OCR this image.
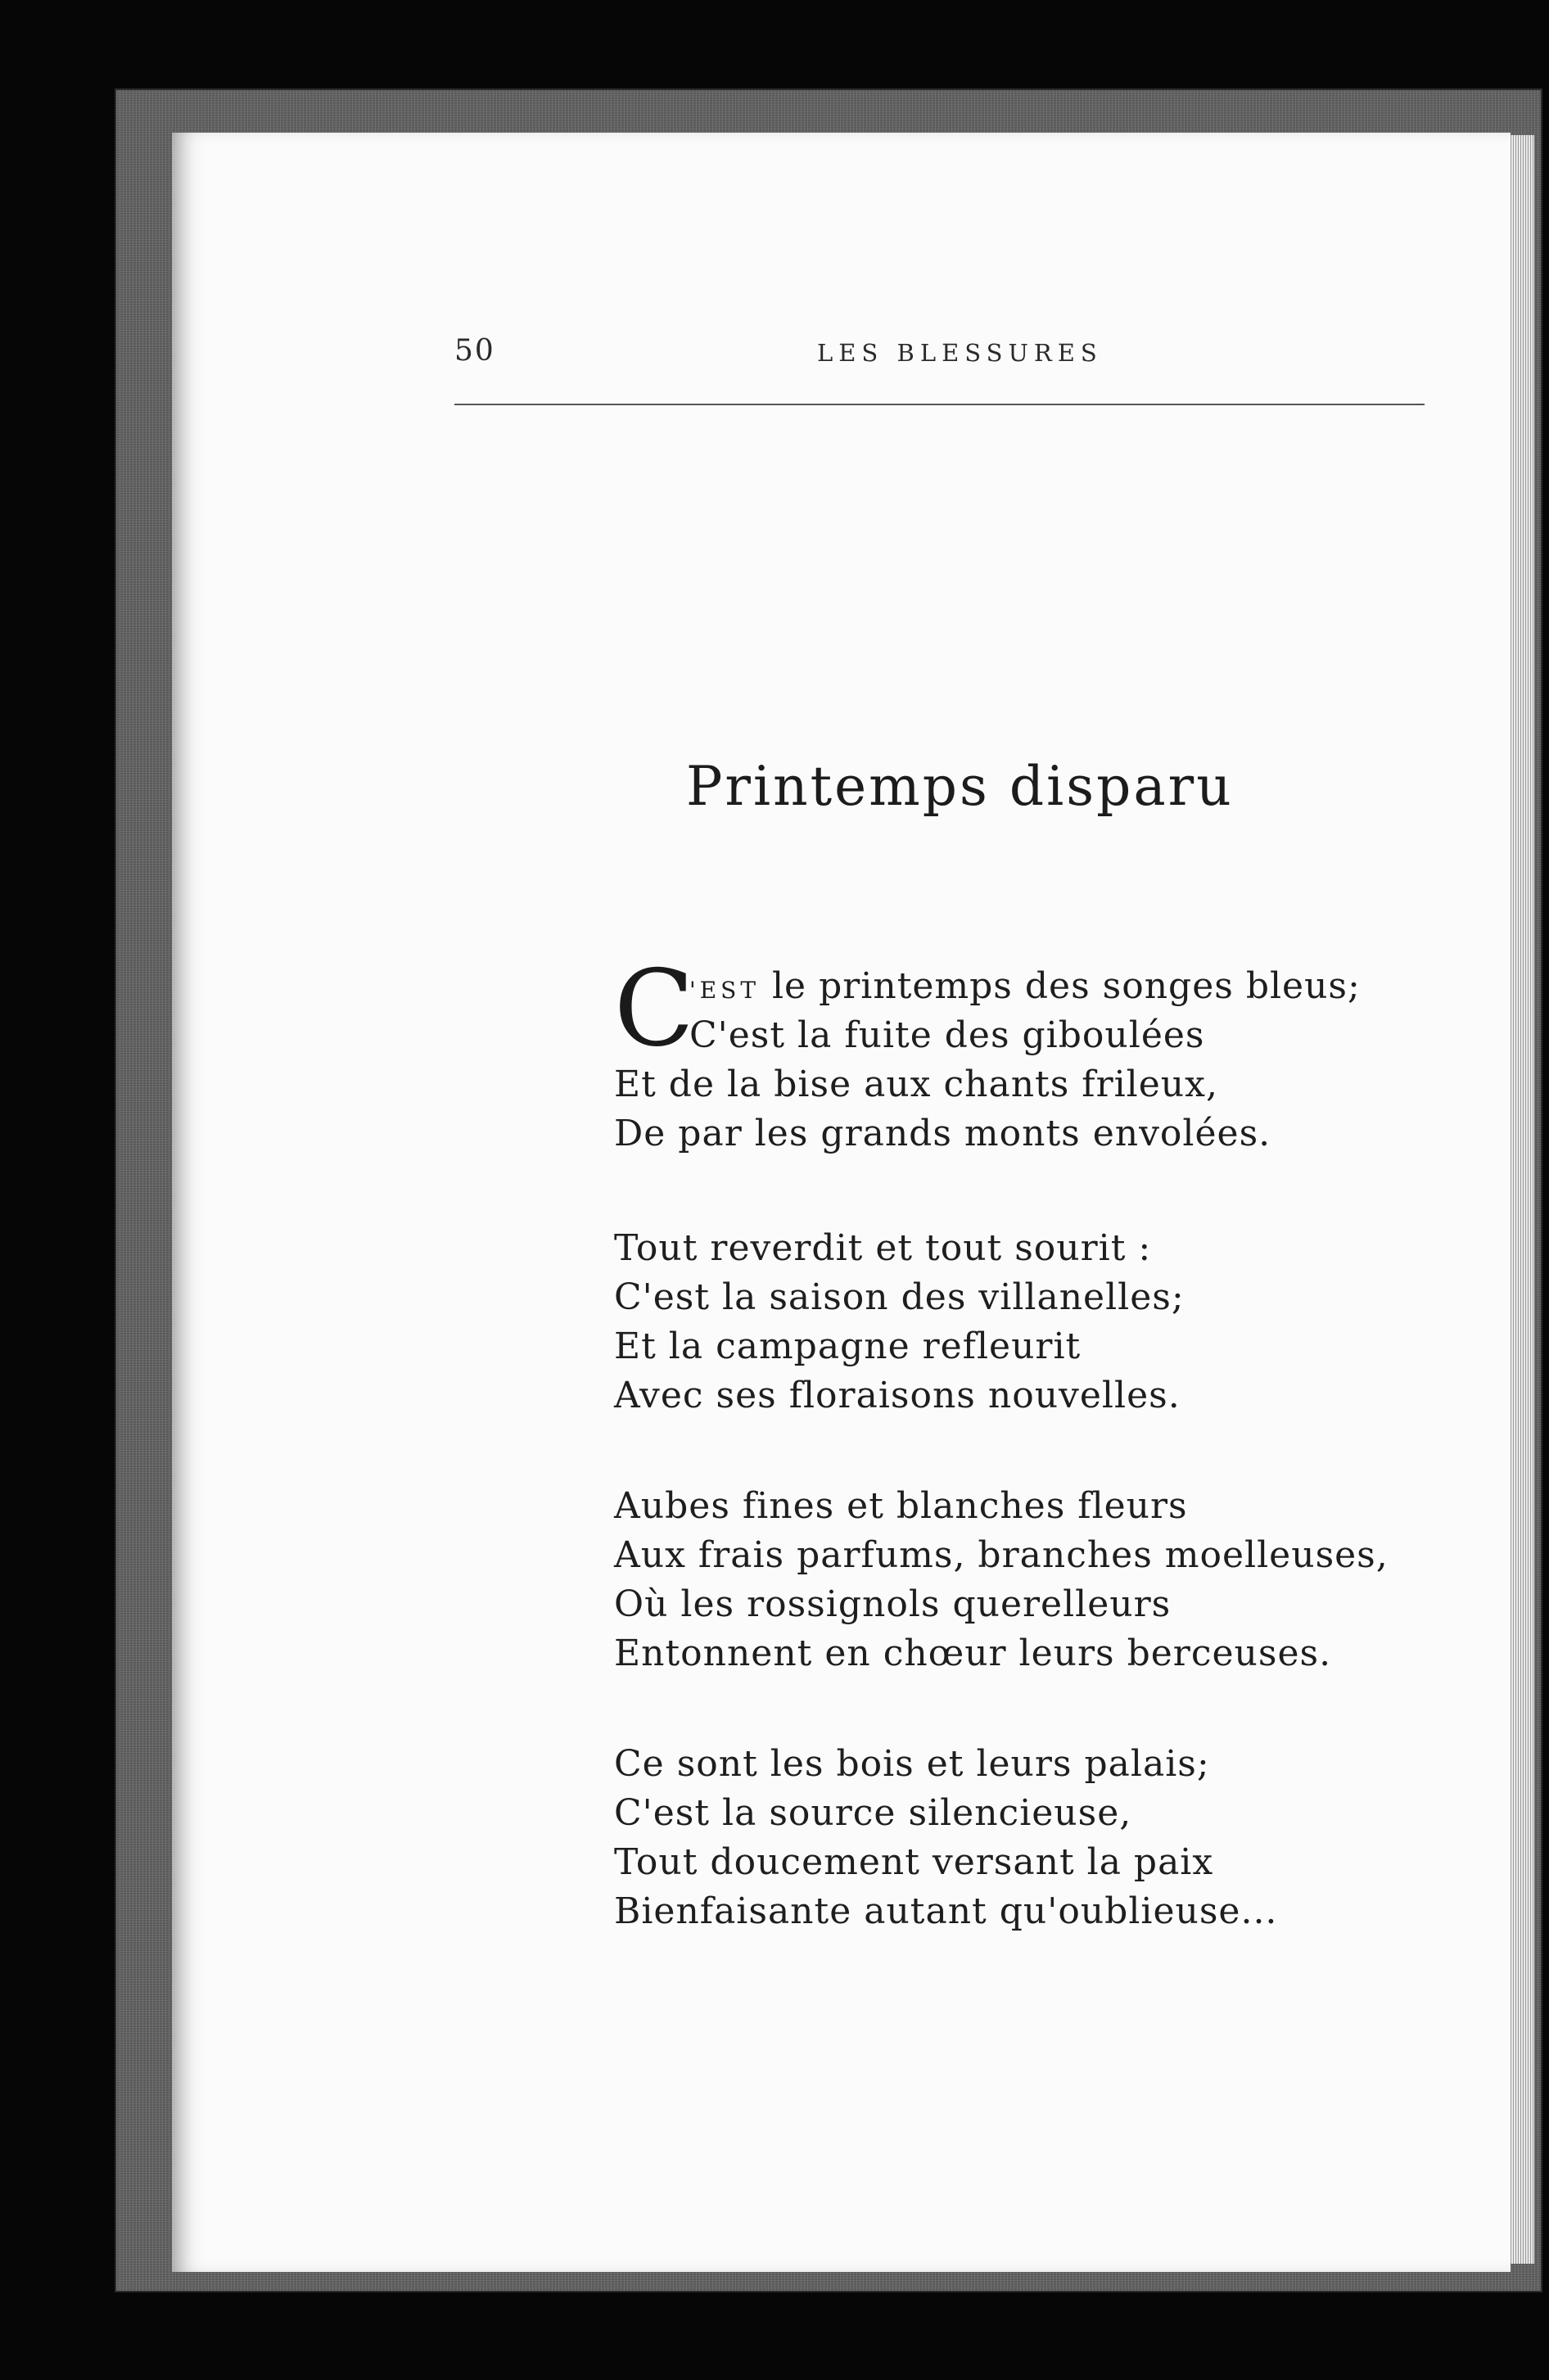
50	LES BLESSURES
Printemps disparu
C
'EST le printemps des songes bleus;
C'est la fuite des giboulées
Et de la bise aux chants frileux,
De par les grands monts envolées.
Tout reverdit et tout sourit :
C'est la saison des villanelles;
Et la campagne refleurit
Avec ses floraisons nouvelles.
Aubes fines et blanches fleurs
Aux frais parfums, branches moelleuses,
Où les rossignols querelleurs
Entonnent en chœur leurs berceuses.
Ce sont les bois et leurs palais;
C'est la source silencieuse,
Tout doucement versant la paix
Bienfaisante autant qu'oublieuse...
